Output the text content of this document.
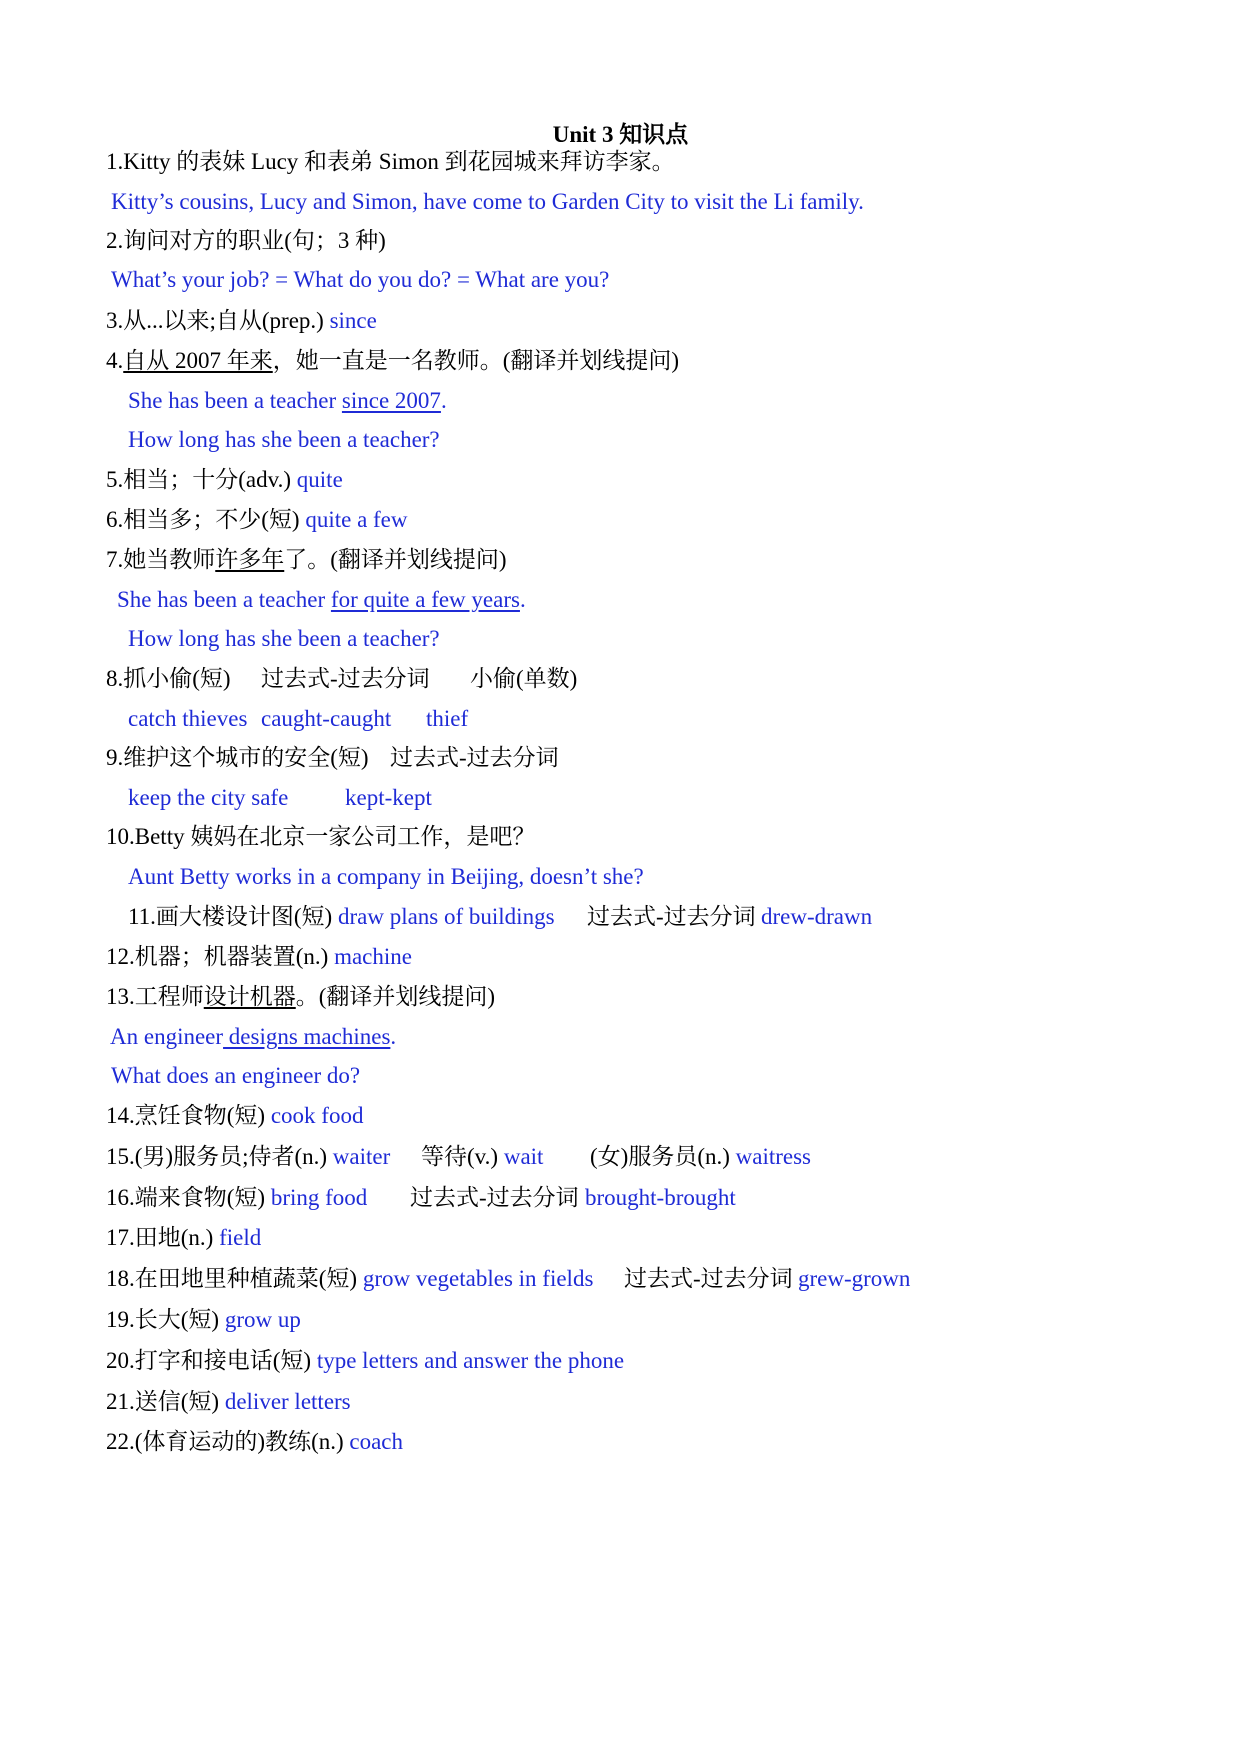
Unit 3 知识点

1.Kitty 的表妹 Lucy 和表弟 Simon 到花园城来拜访李家。

Kitty’s cousins, Lucy and Simon, have come to Garden City to visit the Li family.

2.询问对方的职业(句；3 种)

What’s your job? = What do you do? = What are you?

3.从...以来;自从(prep.) since

4.自从 2007 年来，她一直是一名教师。(翻译并划线提问)

She has been a teacher since 2007.

How long has she been a teacher?

5.相当；十分(adv.) quite

6.相当多；不少(短) quite a few

7.她当教师许多年了。(翻译并划线提问)

She has been a teacher for quite a few years.

How long has she been a teacher?

8.抓小偷(短) 过去式-过去分词 小偷(单数)

catch thieves caught-caught thief

9.维护这个城市的安全(短) 过去式-过去分词

keep the city safe kept-kept

10.Betty 姨妈在北京一家公司工作，是吧？

Aunt Betty works in a company in Beijing, doesn’t she?

11.画大楼设计图(短) draw plans of buildings 过去式-过去分词 drew-drawn

12.机器；机器装置(n.) machine

13.工程师设计机器。(翻译并划线提问)

An engineer designs machines.

What does an engineer do?

14.烹饪食物(短) cook food

15.(男)服务员;侍者(n.) waiter 等待(v.) wait (女)服务员(n.) waitress

16.端来食物(短) bring food 过去式-过去分词 brought-brought

17.田地(n.) field

18.在田地里种植蔬菜(短) grow vegetables in fields 过去式-过去分词 grew-grown

19.长大(短) grow up

20.打字和接电话(短) type letters and answer the phone

21.送信(短) deliver letters

22.(体育运动的)教练(n.) coach
